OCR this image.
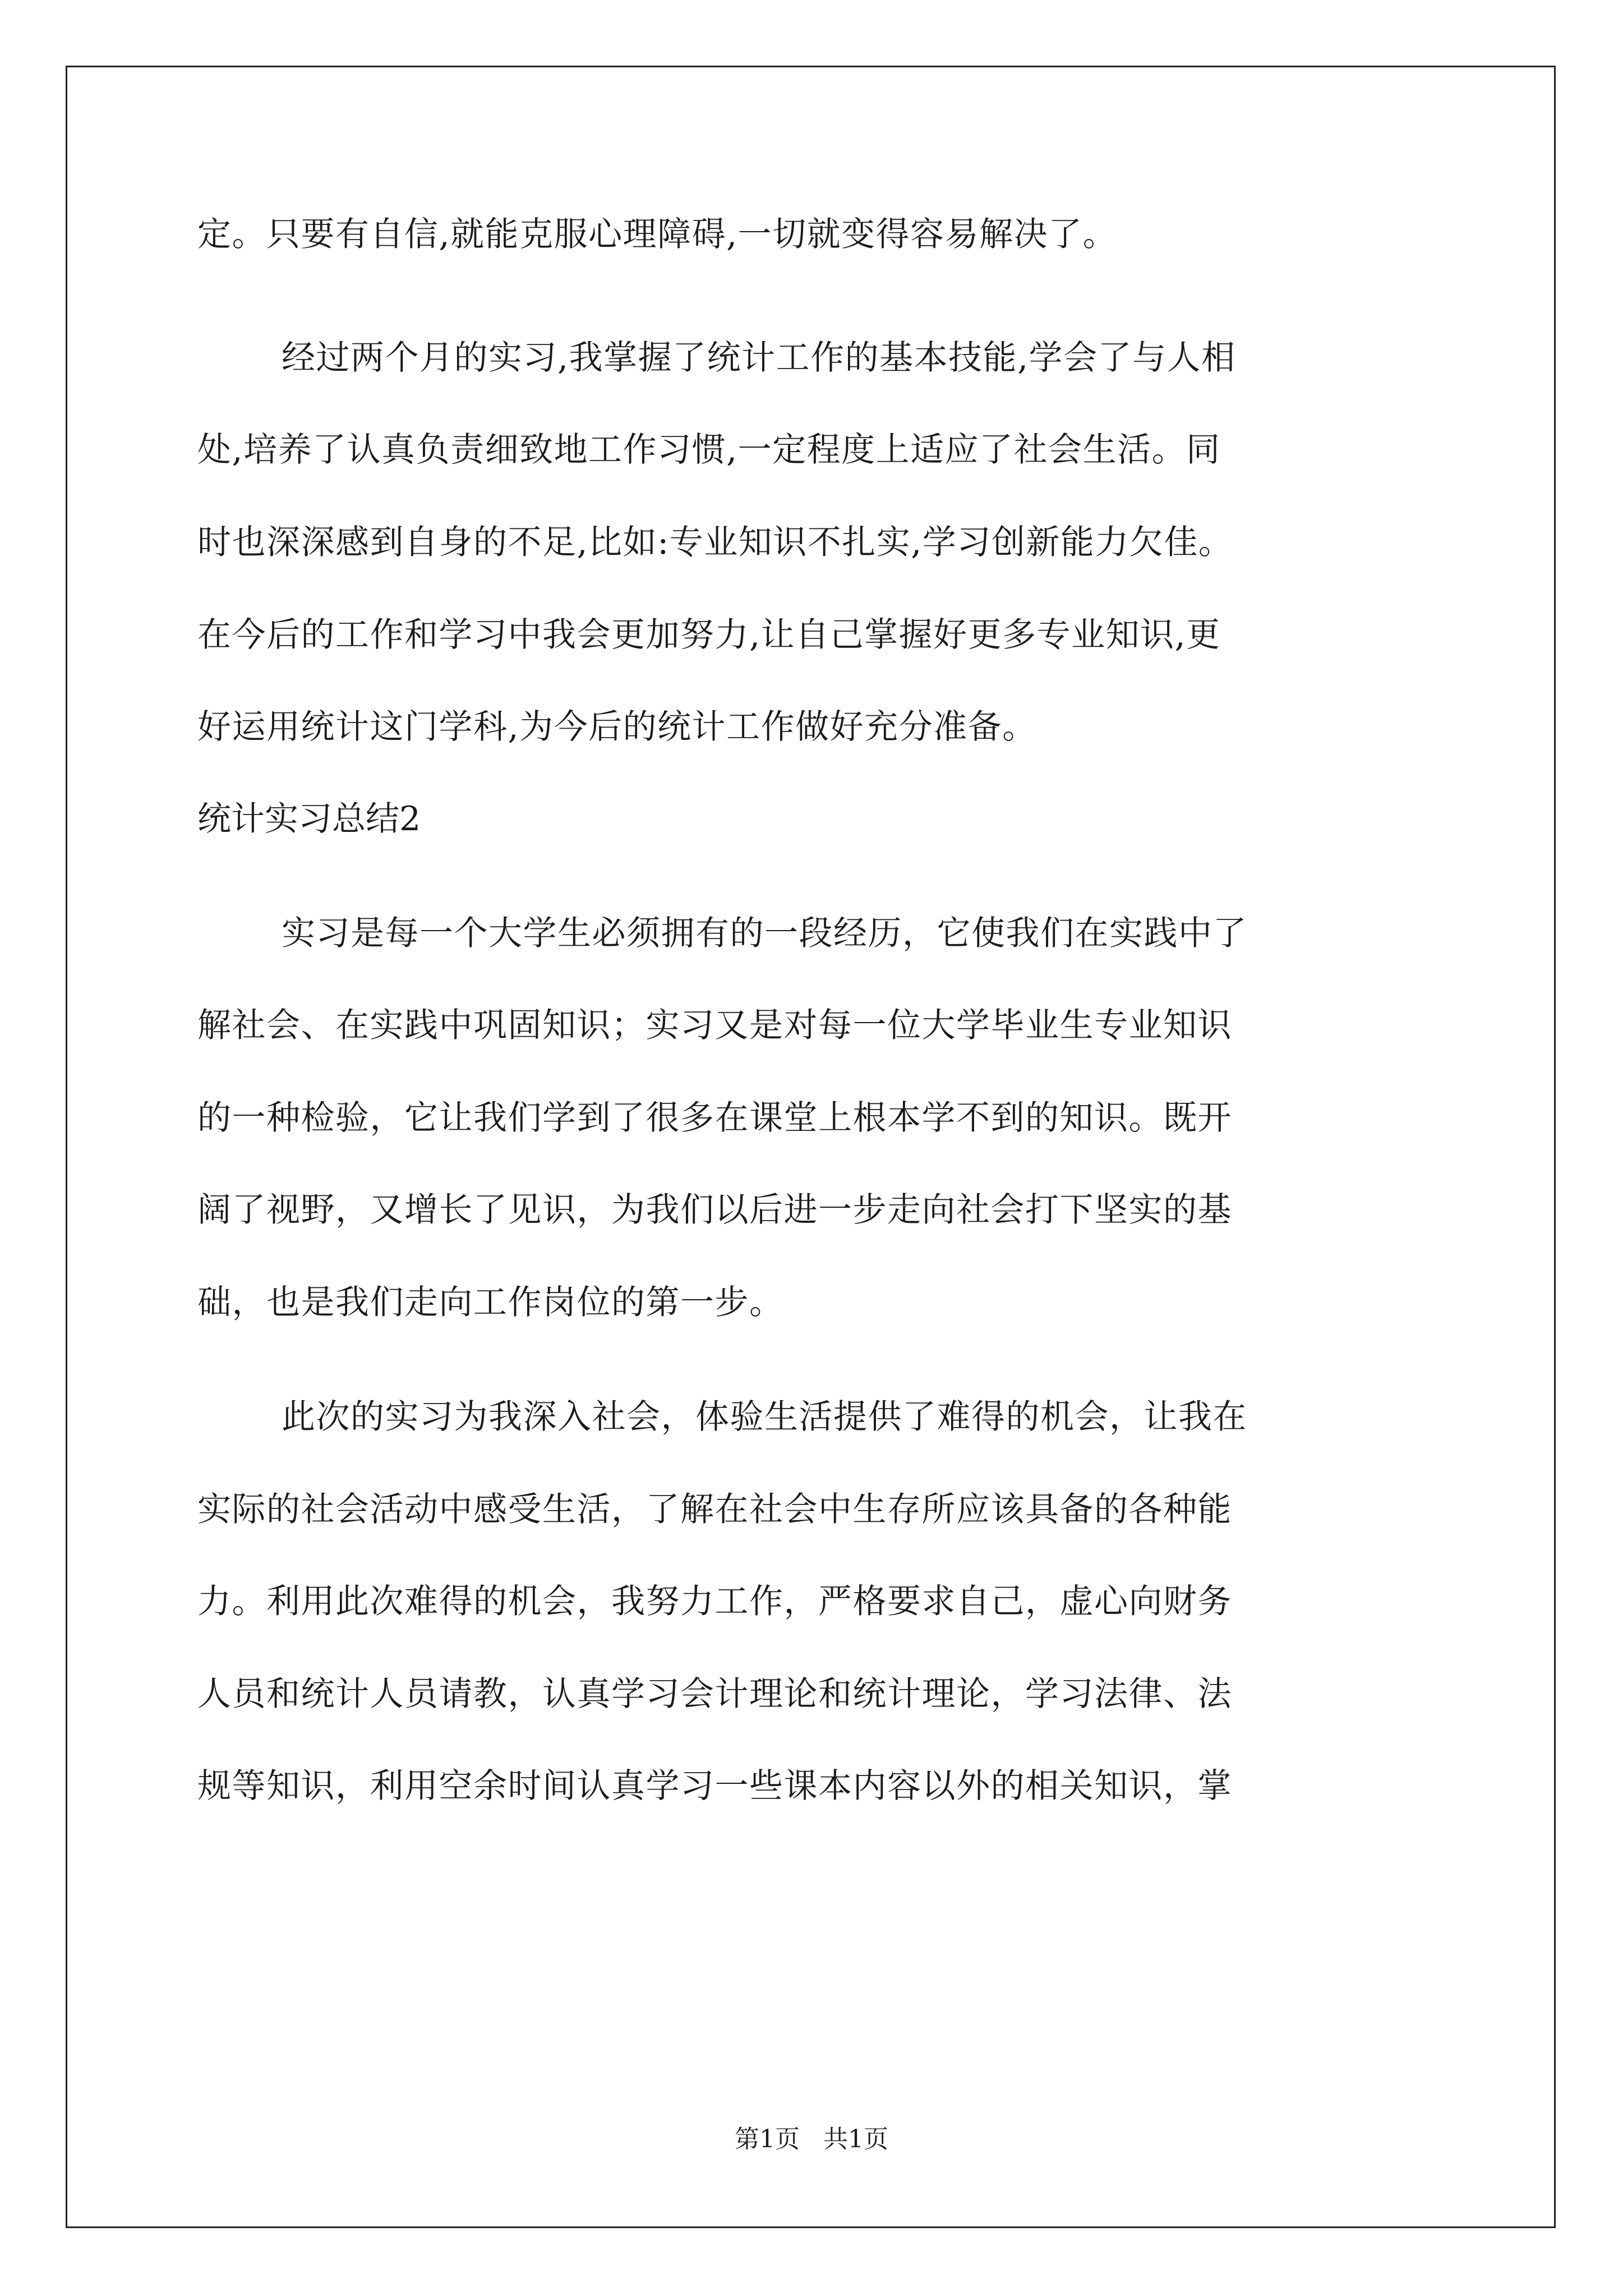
定。只要有自信,就能克服心理障碍,一切就变得容易解决了。
经过两个月的实习,我掌握了统计工作的基本技能,学会了与人相
处,培养了认真负责细致地工作习惯,一定程度上适应了社会生活。同
时也深深感到自身的不足,比如:专业知识不扎实,学习创新能力欠佳。
在今后的工作和学习中我会更加努力,让自己掌握好更多专业知识,更
好运用统计这门学科,为今后的统计工作做好充分准备。
统计实习总结2
实习是每一个大学生必须拥有的一段经历，它使我们在实践中了
解社会、在实践中巩固知识；实习又是对每一位大学毕业生专业知识
的一种检验，它让我们学到了很多在课堂上根本学不到的知识。既开
阔了视野，又增长了见识，为我们以后进一步走向社会打下坚实的基
础，也是我们走向工作岗位的第一步。
此次的实习为我深入社会，体验生活提供了难得的机会，让我在
实际的社会活动中感受生活，了解在社会中生存所应该具备的各种能
力。利用此次难得的机会，我努力工作，严格要求自己，虚心向财务
人员和统计人员请教，认真学习会计理论和统计理论，学习法律、法
规等知识，利用空余时间认真学习一些课本内容以外的相关知识，掌
第1页 共1页
